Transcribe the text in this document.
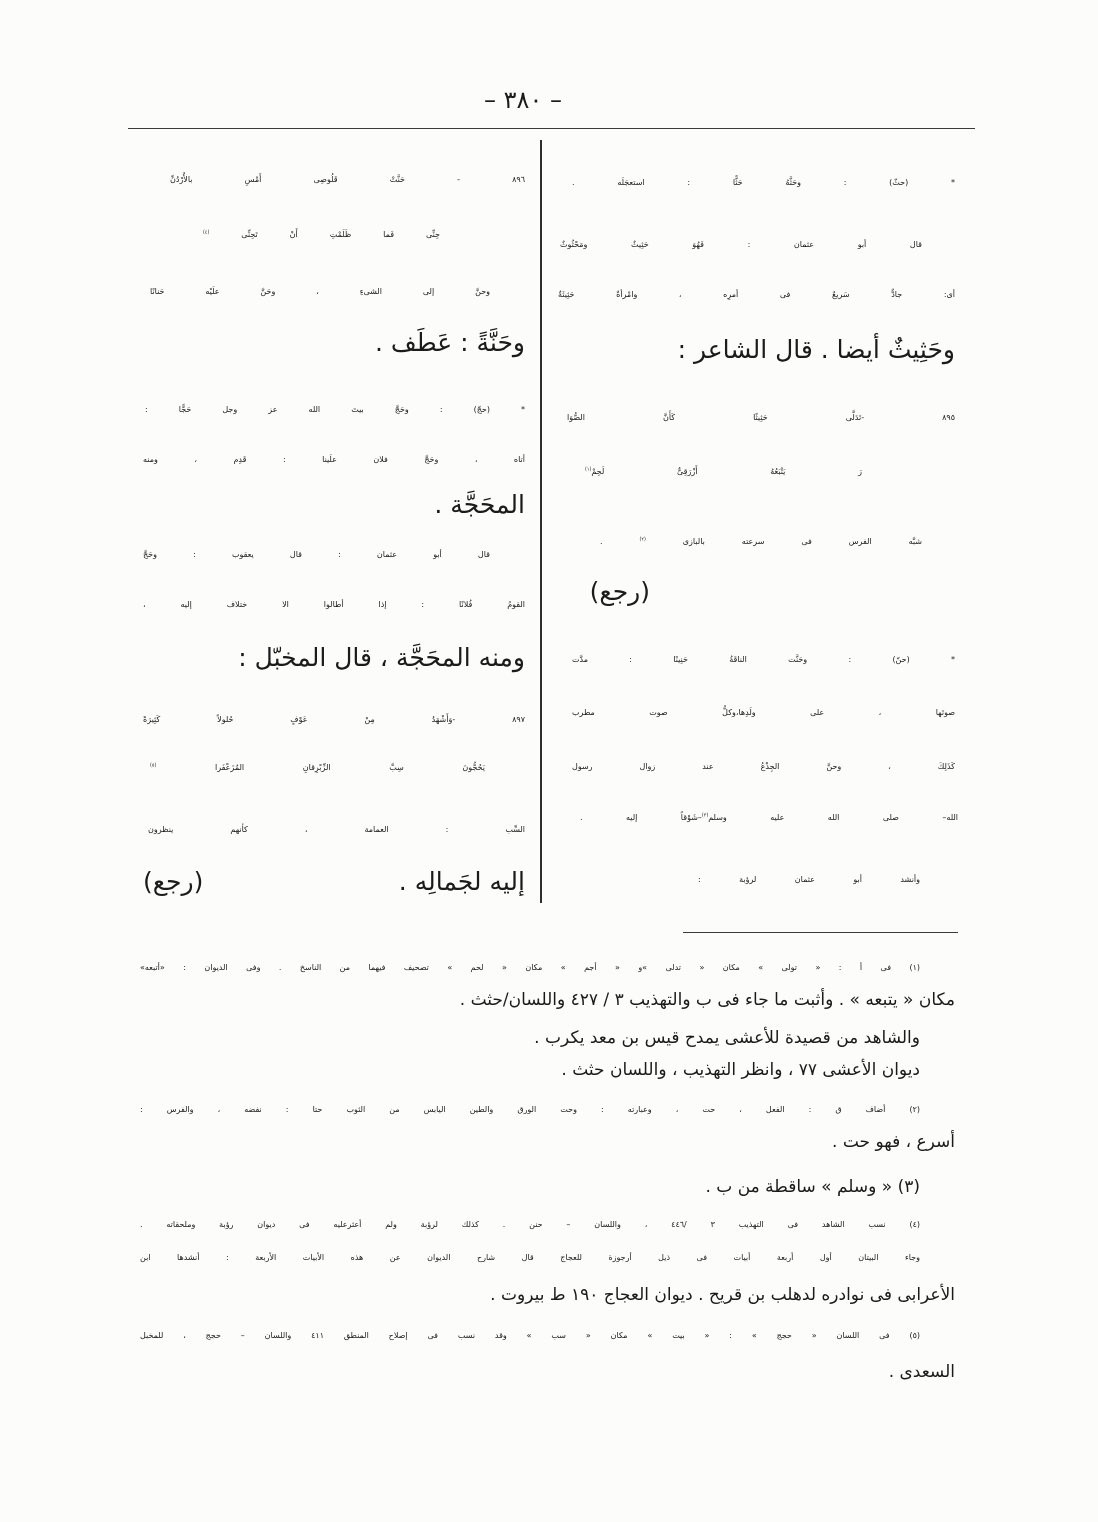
– ٣٨٠ –
* (حثّ) : وحَثَّهُ حَثًّا : استعجَلَه .
قال أبو عثمان : فَهُوَ حَثِيثٌ ومَحْثُوثٌ
أى: جادٌّ سَريعٌ فى أمرِه ، وامْرأةٌ حَثِيثَةٌ
وحَثِيثٌ أيضا . قال الشاعر :
٨٩٥ -تَدَلَّى حَثِيثًا كَأَنَّ الصُّوَا
رَ يَتْبَعُهُ أَزْرَقِىٌّ لَحِمْ$^{(١)}$
شبَّه الفرس فى سرعته بالبازى $^{(٢)}$ .
(رجع)
* (حنّ) : وحَنَّت الناقَةُ حَنِينًا : مدَّت
صوتَها ، على ولَدِها،وكلُّ صوت مطرب
كَذَلِكَ ، وحنَّ الجِذْعُ عند زوال رسول
الله– صلى الله عليه وسلم$^{(٣)}$–شَوْقاً إليه .
وأنشد أبو عثمان لرؤبة :
٨٩٦ - حَنَّتْ قَلُوصِى أَمْسِ بالأُرْدُنِّ
حِنِّى فَما ظَلَمْتِ أَنْ تَحِنِّى $^{(٤)}$
وحنَّ إلى الشىءِ ، وحَنَّ علَيْه حَنانًا
وحَنَّةً : عَطَف .
* (حجّ) : وحَجَّ بيتَ الله عز وجل حَجًّا :
أتاه ، وحَجَّ فلان علَينا : قَدِم ، ومنه
المحَجَّة .
قال أبو عثمان : قال يعقوب : وحَجَّ
القومُ فُلانًا : إذا أطالوا الا ختلاف إليه ،
ومنه المحَجَّة ، قال المخبّل :
٨٩٧ -وَأَشْهَدُ مِنْ عَوْفٍ حُلولاً كَثِيرَةً
يَحُجُّونَ سِبَّ الزِّبْرِقانِ المُزَعْفَرا $^{(٥)}$
السِّب : العمامة ، كأنهم ينظرون
إليه لجَمالِه .
(رجع)
(١) فى أ : « تولى » مكان « تدلى »و « أجم » مكان « لحم » تصحيف فيهما من الناسخ . وفى الديوان : «أتبعه»
مكان « يتبعه » . وأثبت ما جاء فى ب والتهذيب ٣ / ٤٢٧ واللسان/حثث .
والشاهد من قصيدة للأعشى يمدح قيس بن معد يكرب .
ديوان الأعشى ٧٧ ، وانظر التهذيب ، واللسان حثث .
(٢) أضاف ق : الفعل ، حت ، وعبارته : وحت الورق والطين اليابس من الثوب حتا : نفضه ، والفرس :
أسرع ، فهو حت .
(٣) « وسلم » ساقطة من ب .
(٤) نسب الشاهد فى التهذيب ٣ /٤٤٦ ، واللسان – حنن . كذلك لرؤبة ولم أعثرعليه فى ديوان رؤبة وملحقاته .
وجاء البيتان أول أربعة أبيات فى ذيل أرجوزة للعجاج قال شارح الديوان عن هذه الأبيات الأربعة : أنشدها ابن
الأعرابى فى نوادره لدهلب بن قريح . ديوان العجاج ١٩٠ ط بيروت .
(٥) فى اللسان « حجج » : « بيت » مكان « سب » وقد نسب فى إصلاح المنطق ٤١١ واللسان – حجج ، للمخبل
السعدى .
